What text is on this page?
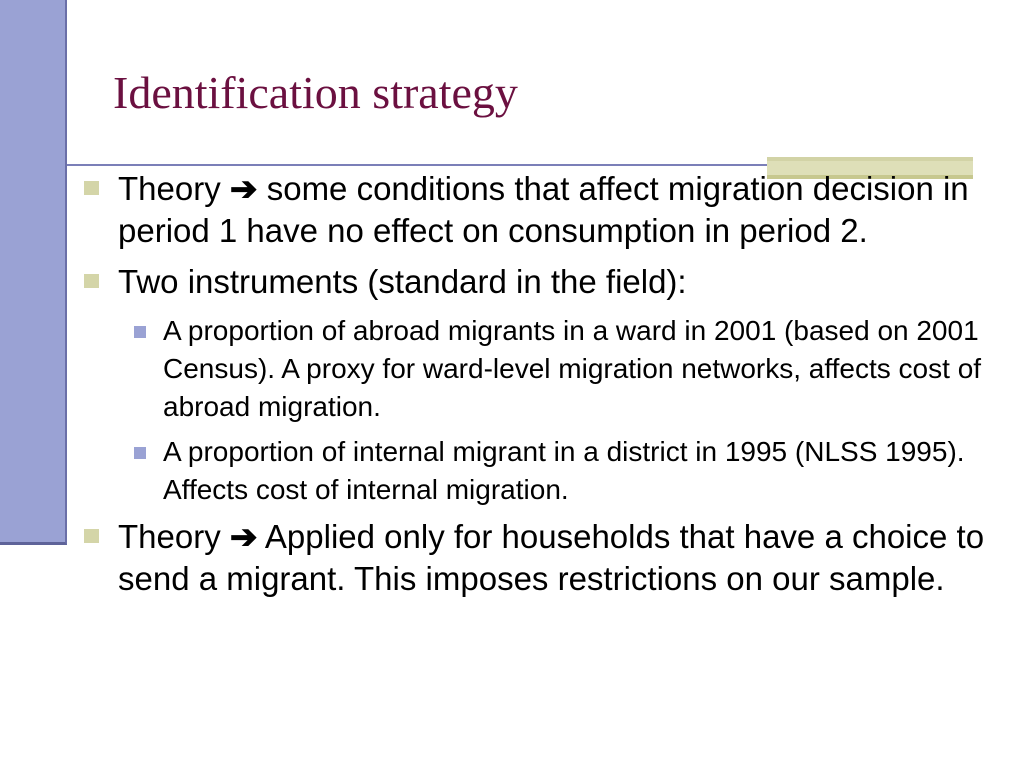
Identification strategy
Theory ➔ some conditions that affect migration decision in period 1 have no effect on consumption in period 2.
Two instruments (standard in the field):
A proportion of abroad migrants in a ward in 2001 (based on 2001 Census). A proxy for ward-level migration networks, affects cost of abroad migration.
A proportion of internal migrant in a district in 1995 (NLSS 1995). Affects cost of internal migration.
Theory ➔ Applied only for households that have a choice to send a migrant. This imposes restrictions on our sample.
